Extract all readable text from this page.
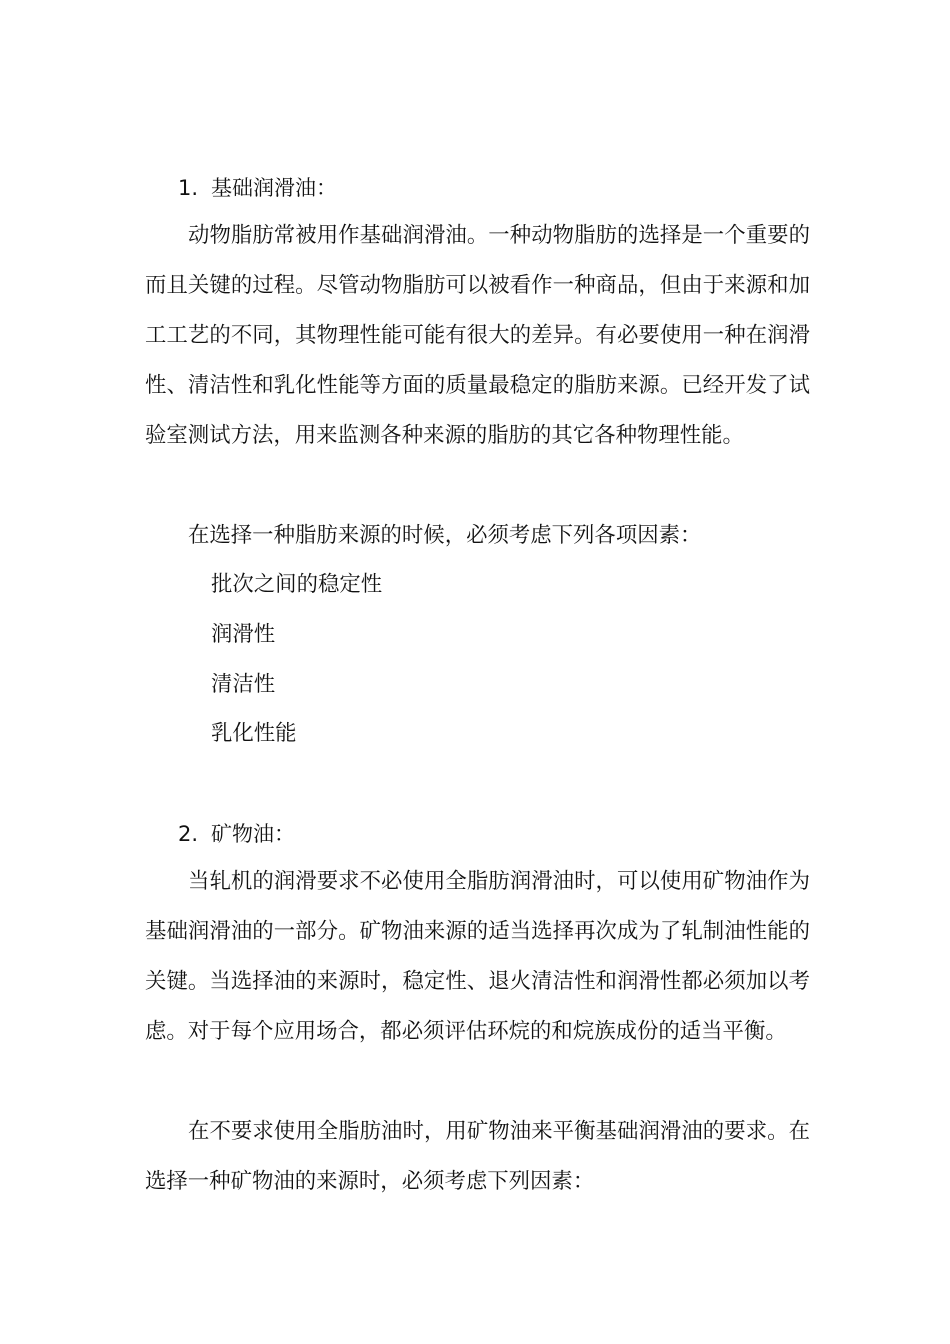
1. 基础润滑油：

动物脂肪常被用作基础润滑油。一种动物脂肪的选择是一个重要的而且关键的过程。尽管动物脂肪可以被看作一种商品，但由于来源和加工工艺的不同，其物理性能可能有很大的差异。有必要使用一种在润滑性、清洁性和乳化性能等方面的质量最稳定的脂肪来源。已经开发了试验室测试方法，用来监测各种来源的脂肪的其它各种物理性能。

在选择一种脂肪来源的时候，必须考虑下列各项因素：

批次之间的稳定性
润滑性
清洁性
乳化性能
2. 矿物油：

当轧机的润滑要求不必使用全脂肪润滑油时，可以使用矿物油作为基础润滑油的一部分。矿物油来源的适当选择再次成为了轧制油性能的关键。当选择油的来源时，稳定性、退火清洁性和润滑性都必须加以考虑。对于每个应用场合，都必须评估环烷的和烷族成份的适当平衡。

在不要求使用全脂肪油时，用矿物油来平衡基础润滑油的要求。在选择一种矿物油的来源时，必须考虑下列因素：
